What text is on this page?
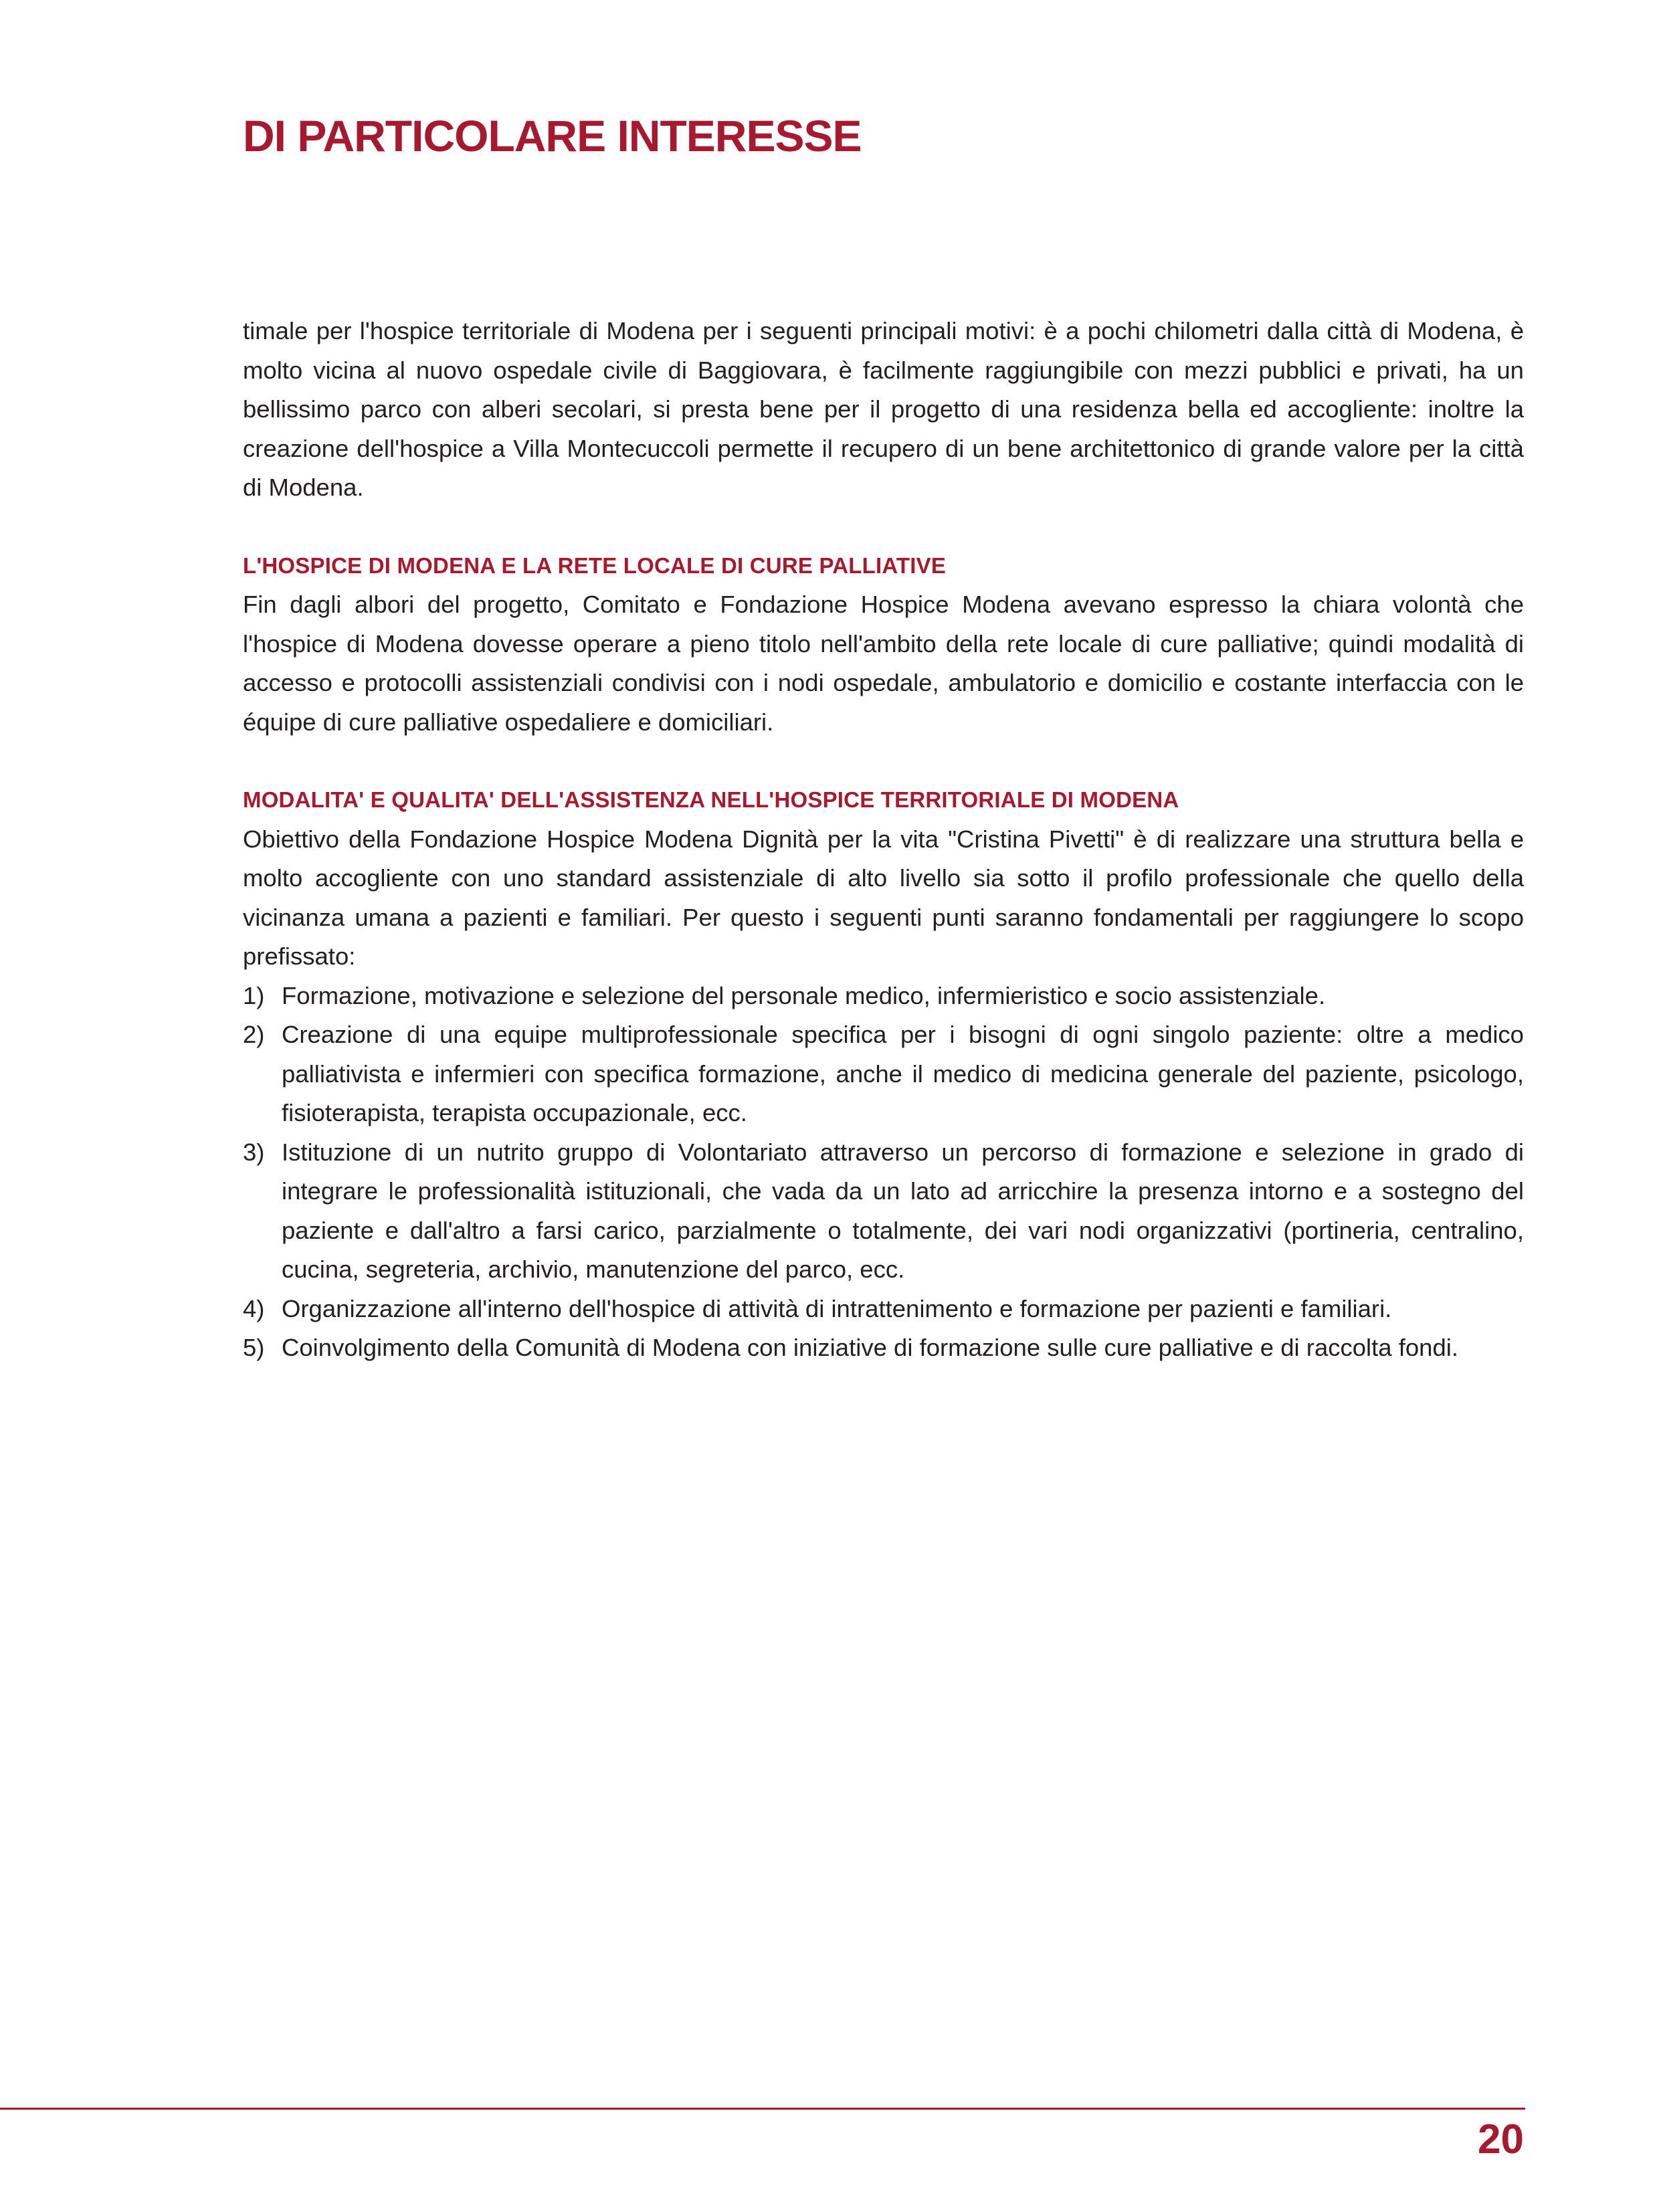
DI PARTICOLARE INTERESSE

timale per l'hospice territoriale di Modena per i seguenti principali motivi: è a pochi chilometri dalla città di Modena, è molto vicina al nuovo ospedale civile di Baggiovara, è facilmente raggiungibile con mezzi pubblici e privati, ha un bellissimo parco con alberi secolari, si presta bene per il progetto di una residenza bella ed accogliente: inoltre la creazione dell'hospice a Villa Montecuccoli permette il recupero di un bene architettonico di grande valore per la città di Modena.

L'HOSPICE DI MODENA E LA RETE LOCALE DI CURE PALLIATIVE

Fin dagli albori del progetto, Comitato e Fondazione Hospice Modena avevano espresso la chiara volontà che l'hospice di Modena dovesse operare a pieno titolo nell'ambito della rete locale di cure palliative; quindi modalità di accesso e protocolli assistenziali condivisi con i nodi ospedale, ambulatorio e domicilio e costante interfaccia con le équipe di cure palliative ospedaliere e domiciliari.

MODALITA' E QUALITA' DELL'ASSISTENZA NELL'HOSPICE TERRITORIALE DI MODENA

Obiettivo della Fondazione Hospice Modena Dignità per la vita "Cristina Pivetti" è di realizzare una struttura bella e molto accogliente con uno standard assistenziale di alto livello sia sotto il profilo professionale che quello della vicinanza umana a pazienti e familiari. Per questo i seguenti punti saranno fondamentali per raggiungere lo scopo prefissato:

1) Formazione, motivazione e selezione del personale medico, infermieristico e socio assistenziale.
2) Creazione di una equipe multiprofessionale specifica per i bisogni di ogni singolo paziente: oltre a medico palliativista e infermieri con specifica formazione, anche il medico di medicina generale del paziente, psicologo, fisioterapista, terapista occupazionale, ecc.
3) Istituzione di un nutrito gruppo di Volontariato attraverso un percorso di formazione e selezione in grado di integrare le professionalità istituzionali, che vada da un lato ad arricchire la presenza intorno e a sostegno del paziente e dall'altro a farsi carico, parzialmente o totalmente, dei vari nodi organizzativi (portineria, centralino, cucina, segreteria, archivio, manutenzione del parco, ecc.
4) Organizzazione all'interno dell'hospice di attività di intrattenimento e formazione per pazienti e familiari.
5) Coinvolgimento della Comunità di Modena con iniziative di formazione sulle cure palliative e di raccolta fondi.
20
